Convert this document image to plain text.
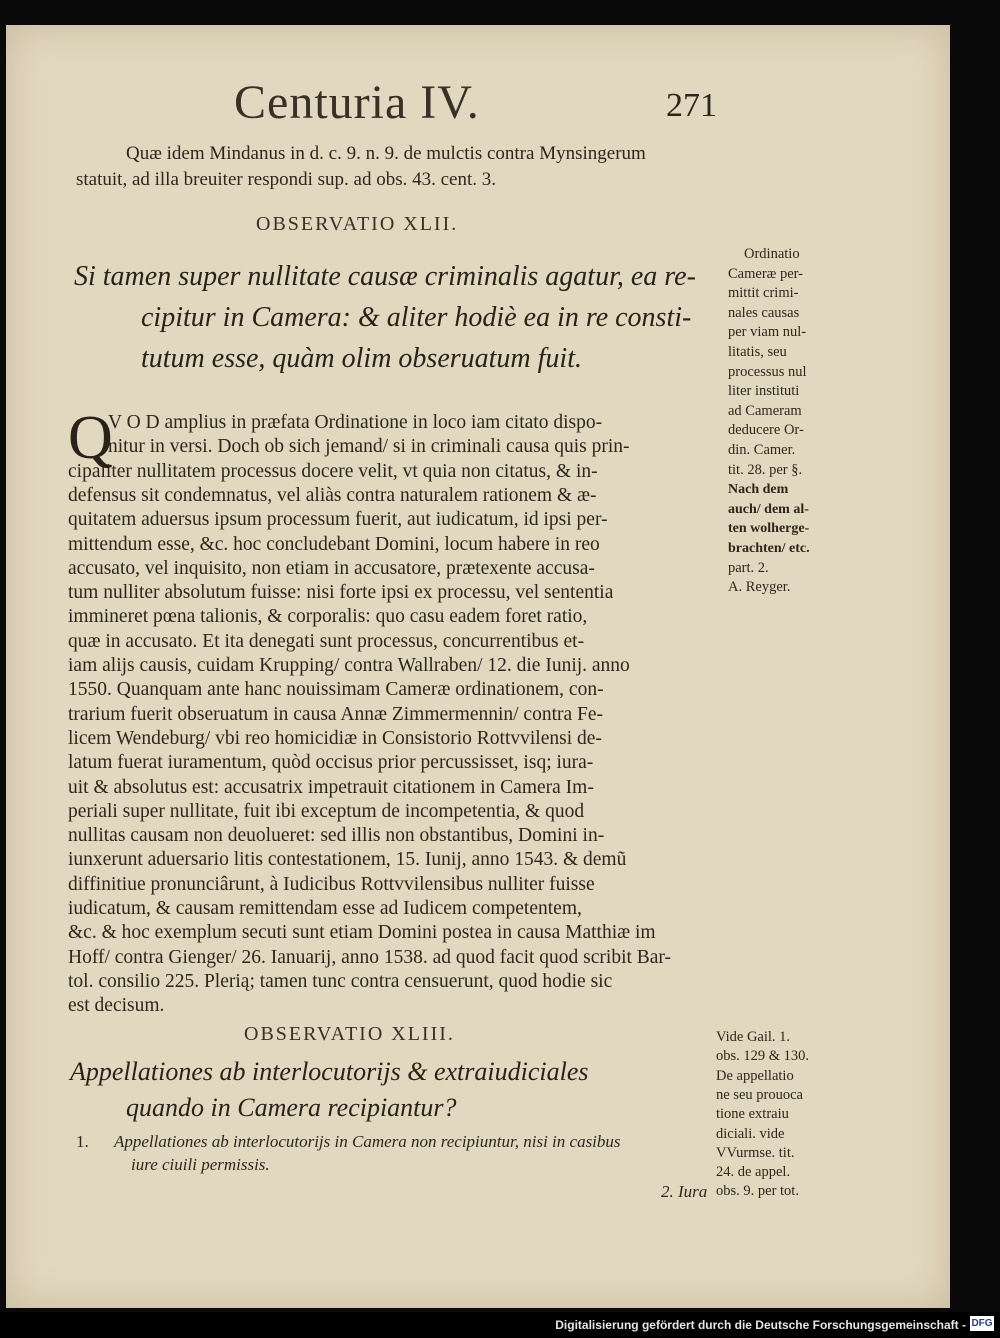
Centuria IV.	271
Quæ idem Mindanus in d. c. 9. n. 9. de mulctis contra Mynsingerum
statuit, ad illa breuiter respondi sup. ad obs. 43. cent. 3.
OBSERVATIO XLII.
Si tamen super nullitate causæ criminalis agatur, ea re-
cipitur in Camera: & aliter hodiè ea in re consti-
tutum esse, quàm olim obseruatum fuit.
Q
V O D amplius in præfata Ordinatione in loco iam citato dispo-
nitur in versi. Doch ob sich jemand/ si in criminali causa quis prin-
cipaliter nullitatem processus docere velit, vt quia non citatus, & in-
defensus sit condemnatus, vel aliàs contra naturalem rationem & æ-
quitatem aduersus ipsum processum fuerit, aut iudicatum, id ipsi per-
mittendum esse, &c. hoc concludebant Domini, locum habere in reo
accusato, vel inquisito, non etiam in accusatore, prætexente accusa-
tum nulliter absolutum fuisse: nisi forte ipsi ex processu, vel sententia
immineret pœna talionis, & corporalis: quo casu eadem foret ratio,
quæ in accusato. Et ita denegati sunt processus, concurrentibus et-
iam alijs causis, cuidam Krupping/ contra Wallraben/ 12. die Iunij. anno
1550. Quanquam ante hanc nouissimam Cameræ ordinationem, con-
trarium fuerit obseruatum in causa Annæ Zimmermennin/ contra Fe-
licem Wendeburg/ vbi reo homicidiæ in Consistorio Rottvvilensi de-
latum fuerat iuramentum, quòd occisus prior percussisset, isq; iura-
uit & absolutus est: accusatrix impetrauit citationem in Camera Im-
periali super nullitate, fuit ibi exceptum de incompetentia, & quod
nullitas causam non deuolueret: sed illis non obstantibus, Domini in-
iunxerunt aduersario litis contestationem, 15. Iunij, anno 1543. & demũ
diffinitiue pronunciârunt, à Iudicibus Rottvvilensibus nulliter fuisse
iudicatum, & causam remittendam esse ad Iudicem competentem,
&c. & hoc exemplum secuti sunt etiam Domini postea in causa Matthiæ im
Hoff/ contra Gienger/ 26. Ianuarij, anno 1538. ad quod facit quod scribit Bar-
tol. consilio 225. Plerią; tamen tunc contra censuerunt, quod hodie sic
est decisum.
Ordinatio
Cameræ per-
mittit crimi-
nales causas
per viam nul-
litatis, seu
processus nul
liter instituti
ad Cameram
deducere Or-
din. Camer.
tit. 28. per §.
Nach dem
auch/ dem al-
ten wolherge-
brachten/ etc.
part. 2.
A. Reyger.
OBSERVATIO XLIII.
Appellationes ab interlocutorijs & extraiudiciales
quando in Camera recipiantur?
1. Appellationes ab interlocutorijs in Camera non recipiuntur, nisi in casibus
iure ciuili permissis.
2. Iura
Vide Gail. 1.
obs. 129 & 130.
De appellatio
ne seu prouoca
tione extraiu
diciali. vide
VVurmse. tit.
24. de appel.
obs. 9. per tot.
Digitalisierung gefördert durch die Deutsche Forschungsgemeinschaft - DFG
